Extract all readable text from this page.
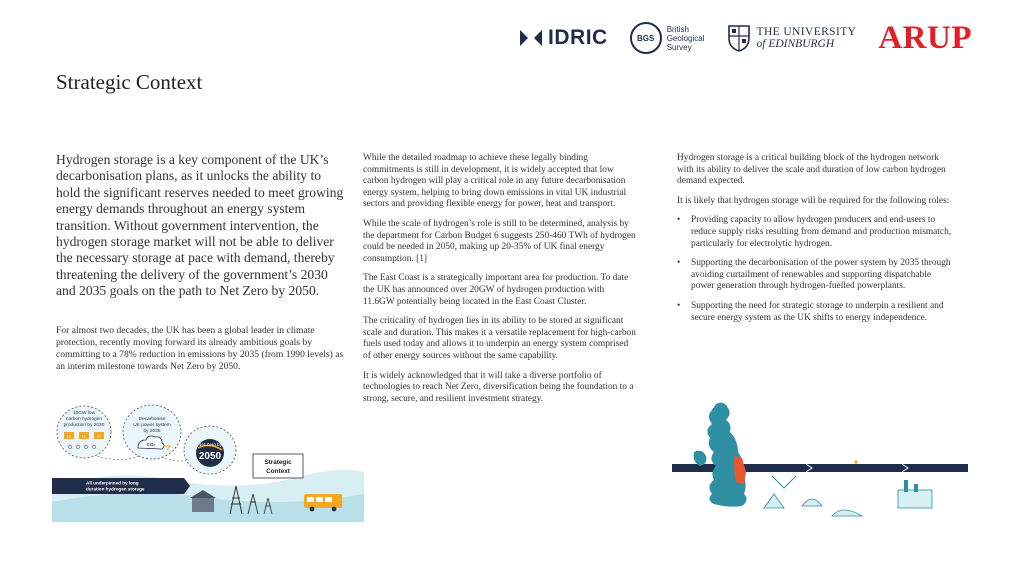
IDRIC	BGS
British
Geological
Survey
THE UNIVERSITY
of EDINBURGH	ARUP
Strategic Context

Hydrogen storage is a key component of the UK’s decarbonisation plans, as it unlocks the ability to hold the significant reserves needed to meet growing energy demands throughout an energy system transition. Without government intervention, the hydrogen storage market will not be able to deliver the necessary storage at pace with demand, thereby threatening the delivery of the government’s 2030 and 2035 goals on the path to Net Zero by 2050.

For almost two decades, the UK has been a global leader in climate protection, recently moving forward its already ambitious goals by committing to a 78% reduction in emissions by 2035 (from 1990 levels) as an interim milestone towards Net Zero by 2050.

While the detailed roadmap to achieve these legally binding commitments is still in development, it is widely accepted that low carbon hydrogen will play a critical role in any future decarbonisation energy system, helping to bring down emissions in vital UK industrial sectors and providing flexible energy for power, heat and transport.

While the scale of hydrogen’s role is still to be determined, analysis by the department for Carbon Budget 6 suggests 250-460 TWh of hydrogen could be needed in 2050, making up 20-35% of UK final energy consumption. [1]

The East Coast is a strategically important area for production. To date the UK has announced over 20GW of hydrogen production with 11.6GW potentially being located in the East Coast Cluster.

The criticality of hydrogen lies in its ability to be stored at significant scale and duration. This makes it a versatile replacement for high-carbon fuels used today and allows it to underpin an energy system comprised of other energy sources without the same capability.

It is widely acknowledged that it will take a diverse portfolio of technologies to reach Net Zero, diversification being the foundation to a strong, secure, and resilient investment strategy.

Hydrogen storage is a critical building block of the hydrogen network with its ability to deliver the scale and duration of low carbon hydrogen demand expected.

It is likely that hydrogen storage will be required for the following roles:

• Providing capacity to allow hydrogen producers and end-users to reduce supply risks resulting from demand and production mismatch, particularly for electrolytic hydrogen.
• Supporting the decarbonisation of the power system by 2035 through avoiding curtailment of renewables and supporting dispatchable power generation through hydrogen-fuelled powerplants.
• Supporting the need for strategic storage to underpin a resilient and secure energy system as the UK shifts to energy independence.
10GW low
carbon hydrogen
production by 2030
H₂	H₂	H₂
Decarbonise
UK power system
by 2035
CO₂	Net Zero by
2050
Strategic
Context
All underpinned by long
duration hydrogen storage
